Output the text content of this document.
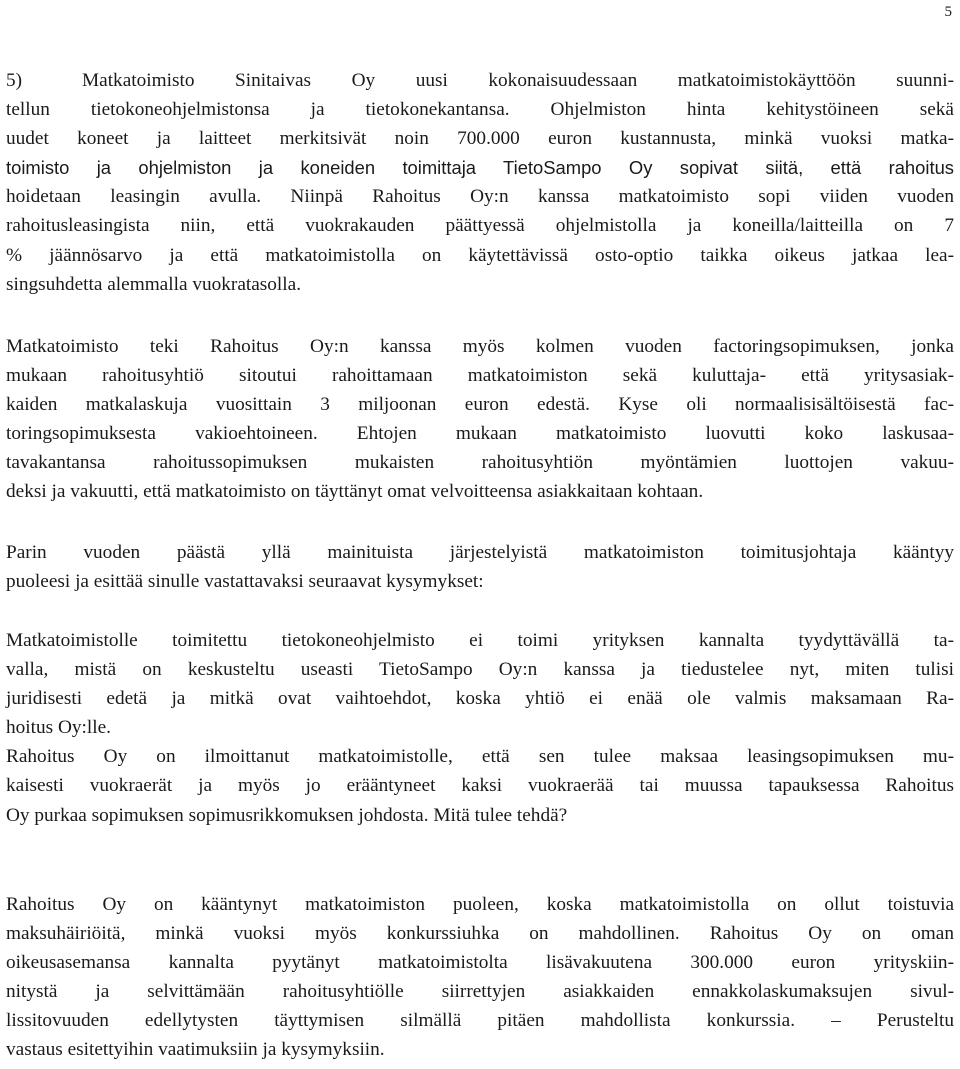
5
5)	Matkatoimisto Sinitaivas Oy uusi kokonaisuudessaan matkatoimistokäyttöön suunni-
tellun tietokoneohjelmistonsa ja tietokonekantansa. Ohjelmiston hinta kehitystöineen sekä
uudet koneet ja laitteet merkitsivät noin 700.000 euron kustannusta, minkä vuoksi matka-
toimisto ja ohjelmiston ja koneiden toimittaja TietoSampo Oy sopivat siitä, että rahoitus
hoidetaan leasingin avulla. Niinpä Rahoitus Oy:n kanssa matkatoimisto sopi viiden vuoden
rahoitusleasingista niin, että vuokrakauden päättyessä ohjelmistolla ja koneilla/laitteilla on 7
% jäännösarvo ja että matkatoimistolla on käytettävissä osto-optio taikka oikeus jatkaa lea-
singsuhdetta alemmalla vuokratasolla.
Matkatoimisto teki Rahoitus Oy:n kanssa myös kolmen vuoden factoringsopimuksen, jonka
mukaan rahoitusyhtiö sitoutui rahoittamaan matkatoimiston sekä kuluttaja- että yritysasiak-
kaiden matkalaskuja vuosittain 3 miljoonan euron edestä. Kyse oli normaalisisältöisestä fac-
toringsopimuksesta vakioehtoineen. Ehtojen mukaan matkatoimisto luovutti koko laskusaa-
tavakantansa rahoitussopimuksen mukaisten rahoitusyhtiön myöntämien luottojen vakuu-
deksi ja vakuutti, että matkatoimisto on täyttänyt omat velvoitteensa asiakkaitaan kohtaan.
Parin vuoden päästä yllä mainituista järjestelyistä matkatoimiston toimitusjohtaja kääntyy
puoleesi ja esittää sinulle vastattavaksi seuraavat kysymykset:
Matkatoimistolle toimitettu tietokoneohjelmisto ei toimi yrityksen kannalta tyydyttävällä ta-
valla, mistä on keskusteltu useasti TietoSampo Oy:n kanssa ja tiedustelee nyt, miten tulisi
juridisesti edetä ja mitkä ovat vaihtoehdot, koska yhtiö ei enää ole valmis maksamaan Ra-
hoitus Oy:lle.
Rahoitus Oy on ilmoittanut matkatoimistolle, että sen tulee maksaa leasingsopimuksen mu-
kaisesti vuokraerät ja myös jo erääntyneet kaksi vuokraerää tai muussa tapauksessa Rahoitus
Oy purkaa sopimuksen sopimusrikkomuksen johdosta. Mitä tulee tehdä?
Rahoitus Oy on kääntynyt matkatoimiston puoleen, koska matkatoimistolla on ollut toistuvia
maksuhäiriöitä, minkä vuoksi myös konkurssiuhka on mahdollinen. Rahoitus Oy on oman
oikeusasemansa kannalta pyytänyt matkatoimistolta lisävakuutena 300.000 euron yrityskiin-
nitystä ja selvittämään rahoitusyhtiölle siirrettyjen asiakkaiden ennakkolaskumaksujen sivul-
lissitovuuden edellytysten täyttymisen silmällä pitäen mahdollista konkurssia. – Perusteltu
vastaus esitettyihin vaatimuksiin ja kysymyksiin.
